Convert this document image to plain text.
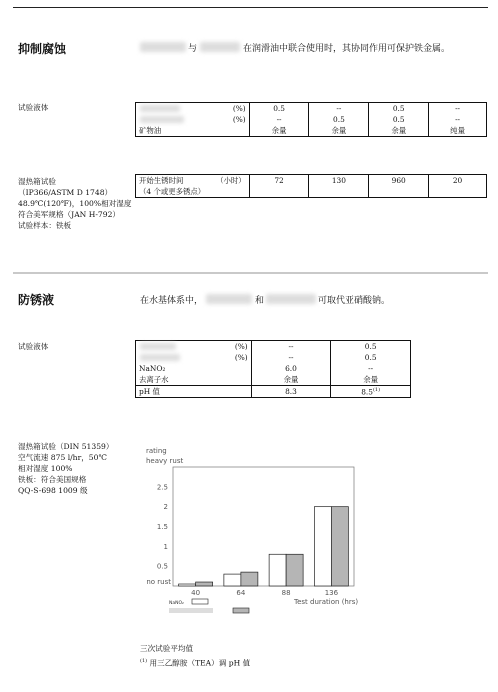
抑制腐蚀	与	在润滑油中联合使用时，其协同作用可保护铁金属。
试验液体
		(%)	0.5	--	0.5	--
	(%)	--	0.5	0.5	--
矿物油		余量	余量	余量	纯量
湿热箱试验
（IP366/ASTM D 1748）
48.9℃(120℉)，100%相对湿度
符合美军规格（JAN H-792）
试验样本：铁板
开始生锈时间	（小时）	72	130	960	20
（4 个或更多锈点）					
防锈液	在水基体系中，	和	可取代亚硝酸钠。
试验液体
		(%)	--	0.5
	(%)	--	0.5
NaNO₂		6.0	--
去离子水		余量	余量
pH 值		8.3	8.5$^{(1)}$
湿热箱试验（DIN 51359）
空气流速 875 l/hr，50℃
相对湿度 100%
铁板：符合美国规格
QQ-S-698 1009 级
rating
heavy rust
2.5
2
1.5
1
0.5
no rust
40	64	88	136
Test duration (hrs)
NaNO₂
三次试验平均值
$^{(1)}$ 用三乙醇胺（TEA）调 pH 值
